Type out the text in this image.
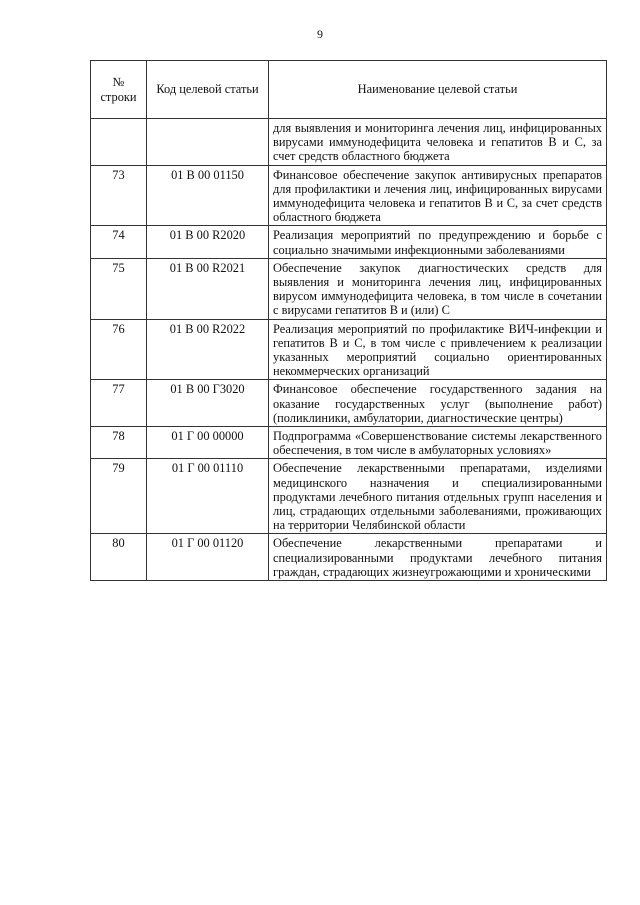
9
№ строки	Код целевой статьи	Наименование целевой статьи
		для выявления и мониторинга лечения лиц, инфицированных вирусами иммунодефицита человека и гепатитов B и C, за счет средств областного бюджета
73	01 В 00 01150	Финансовое обеспечение закупок антивирусных препаратов для профилактики и лечения лиц, инфицированных вирусами иммунодефицита человека и гепатитов B и C, за счет средств областного бюджета
74	01 В 00 R2020	Реализация мероприятий по предупреждению и борьбе с социально значимыми инфекционными заболеваниями
75	01 В 00 R2021	Обеспечение закупок диагностических средств для выявления и мониторинга лечения лиц, инфицированных вирусом иммунодефицита человека, в том числе в сочетании с вирусами гепатитов B и (или) C
76	01 В 00 R2022	Реализация мероприятий по профилактике ВИЧ-инфекции и гепатитов B и C, в том числе с привлечением к реализации указанных мероприятий социально ориентированных некоммерческих организаций
77	01 В 00 Г3020	Финансовое обеспечение государственного задания на оказание государственных услуг (выполнение работ) (поликлиники, амбулатории, диагностические центры)
78	01 Г 00 00000	Подпрограмма «Совершенствование системы лекарственного обеспечения, в том числе в амбулаторных условиях»
79	01 Г 00 01110	Обеспечение лекарственными препаратами, изделиями медицинского назначения и специализированными продуктами лечебного питания отдельных групп населения и лиц, страдающих отдельными заболеваниями, проживающих на территории Челябинской области
80	01 Г 00 01120	Обеспечение лекарственными препаратами и специализированными продуктами лечебного питания граждан, страдающих жизнеугрожающими и хроническими
